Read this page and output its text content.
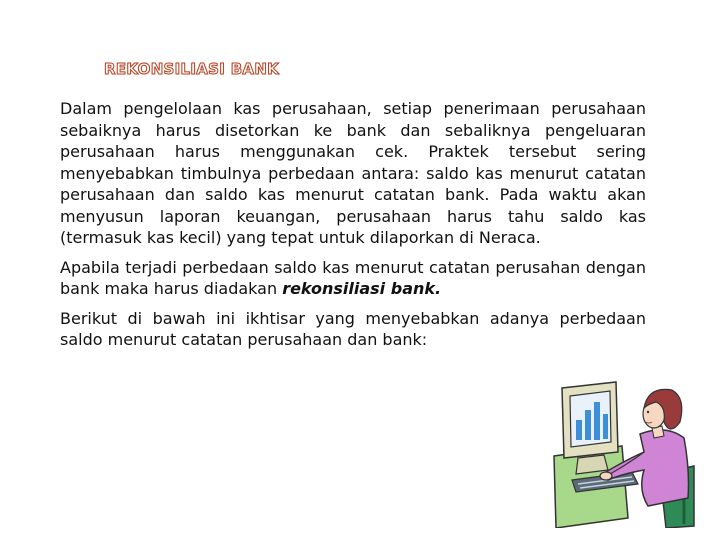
REKONSILIASI BANK

Dalam pengelolaan kas perusahaan, setiap penerimaan perusahaan sebaiknya harus disetorkan ke bank dan sebaliknya pengeluaran perusahaan harus menggunakan cek. Praktek tersebut sering menyebabkan timbulnya perbedaan antara: saldo kas menurut catatan perusahaan dan saldo kas menurut catatan bank. Pada waktu akan menyusun laporan keuangan, perusahaan harus tahu saldo kas (termasuk kas kecil) yang tepat untuk dilaporkan di Neraca.

Apabila terjadi perbedaan saldo kas menurut catatan perusahan dengan bank maka harus diadakan rekonsiliasi bank.

Berikut di bawah ini ikhtisar yang menyebabkan adanya perbedaan saldo menurut catatan perusahaan dan bank:
